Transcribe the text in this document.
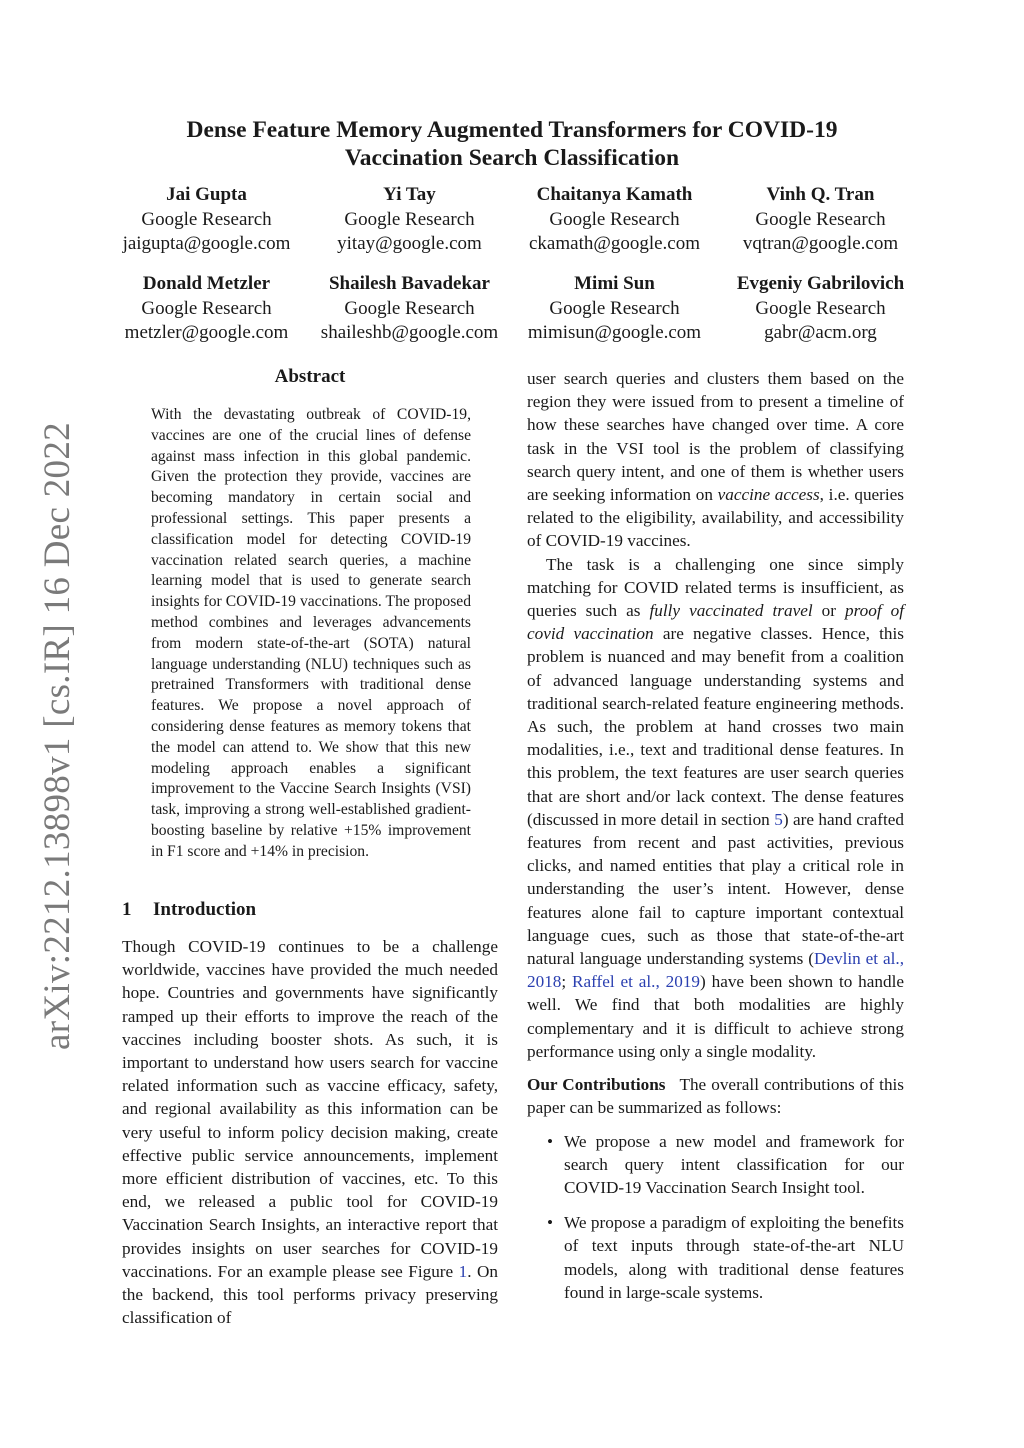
arXiv:2212.13898v1 [cs.IR] 16 Dec 2022
Dense Feature Memory Augmented Transformers for COVID-19
Vaccination Search Classification
Jai Gupta
Google Research
jaigupta@google.com
Yi Tay
Google Research
yitay@google.com
Chaitanya Kamath
Google Research
ckamath@google.com
Vinh Q. Tran
Google Research
vqtran@google.com
Donald Metzler
Google Research
metzler@google.com
Shailesh Bavadekar
Google Research
shaileshb@google.com
Mimi Sun
Google Research
mimisun@google.com
Evgeniy Gabrilovich
Google Research
gabr@acm.org
Abstract
With the devastating outbreak of COVID-19, vaccines are one of the crucial lines of defense against mass infection in this global pandemic. Given the protection they provide, vaccines are becoming mandatory in certain social and professional settings. This paper presents a classification model for detecting COVID-19 vaccination related search queries, a machine learning model that is used to generate search insights for COVID-19 vaccinations. The proposed method combines and leverages advancements from modern state-of-the-art (SOTA) natural language understanding (NLU) techniques such as pretrained Transformers with traditional dense features. We propose a novel approach of considering dense features as memory tokens that the model can attend to. We show that this new modeling approach enables a significant improvement to the Vaccine Search Insights (VSI) task, improving a strong well-established gradient-boosting baseline by relative +15% improvement in F1 score and +14% in precision.
1 Introduction

Though COVID-19 continues to be a challenge worldwide, vaccines have provided the much needed hope. Countries and governments have significantly ramped up their efforts to improve the reach of the vaccines including booster shots. As such, it is important to understand how users search for vaccine related information such as vaccine efficacy, safety, and regional availability as this information can be very useful to inform policy decision making, create effective public service announcements, implement more efficient distribution of vaccines, etc. To this end, we released a public tool for COVID-19 Vaccination Search Insights, an interactive report that provides insights on user searches for COVID-19 vaccinations. For an example please see Figure 1. On the backend, this tool performs privacy preserving classification of

user search queries and clusters them based on the region they were issued from to present a timeline of how these searches have changed over time. A core task in the VSI tool is the problem of classifying search query intent, and one of them is whether users are seeking information on vaccine access, i.e. queries related to the eligibility, availability, and accessibility of COVID-19 vaccines.

The task is a challenging one since simply matching for COVID related terms is insufficient, as queries such as fully vaccinated travel or proof of covid vaccination are negative classes. Hence, this problem is nuanced and may benefit from a coalition of advanced language understanding systems and traditional search-related feature engineering methods. As such, the problem at hand crosses two main modalities, i.e., text and traditional dense features. In this problem, the text features are user search queries that are short and/or lack context. The dense features (discussed in more detail in section 5) are hand crafted features from recent and past activities, previous clicks, and named entities that play a critical role in understanding the user’s intent. However, dense features alone fail to capture important contextual language cues, such as those that state-of-the-art natural language understanding systems (Devlin et al., 2018; Raffel et al., 2019) have been shown to handle well. We find that both modalities are highly complementary and it is difficult to achieve strong performance using only a single modality.

Our Contributions The overall contributions of this paper can be summarized as follows:

• We propose a new model and framework for search query intent classification for our COVID-19 Vaccination Search Insight tool.
• We propose a paradigm of exploiting the benefits of text inputs through state-of-the-art NLU models, along with traditional dense features found in large-scale systems.
